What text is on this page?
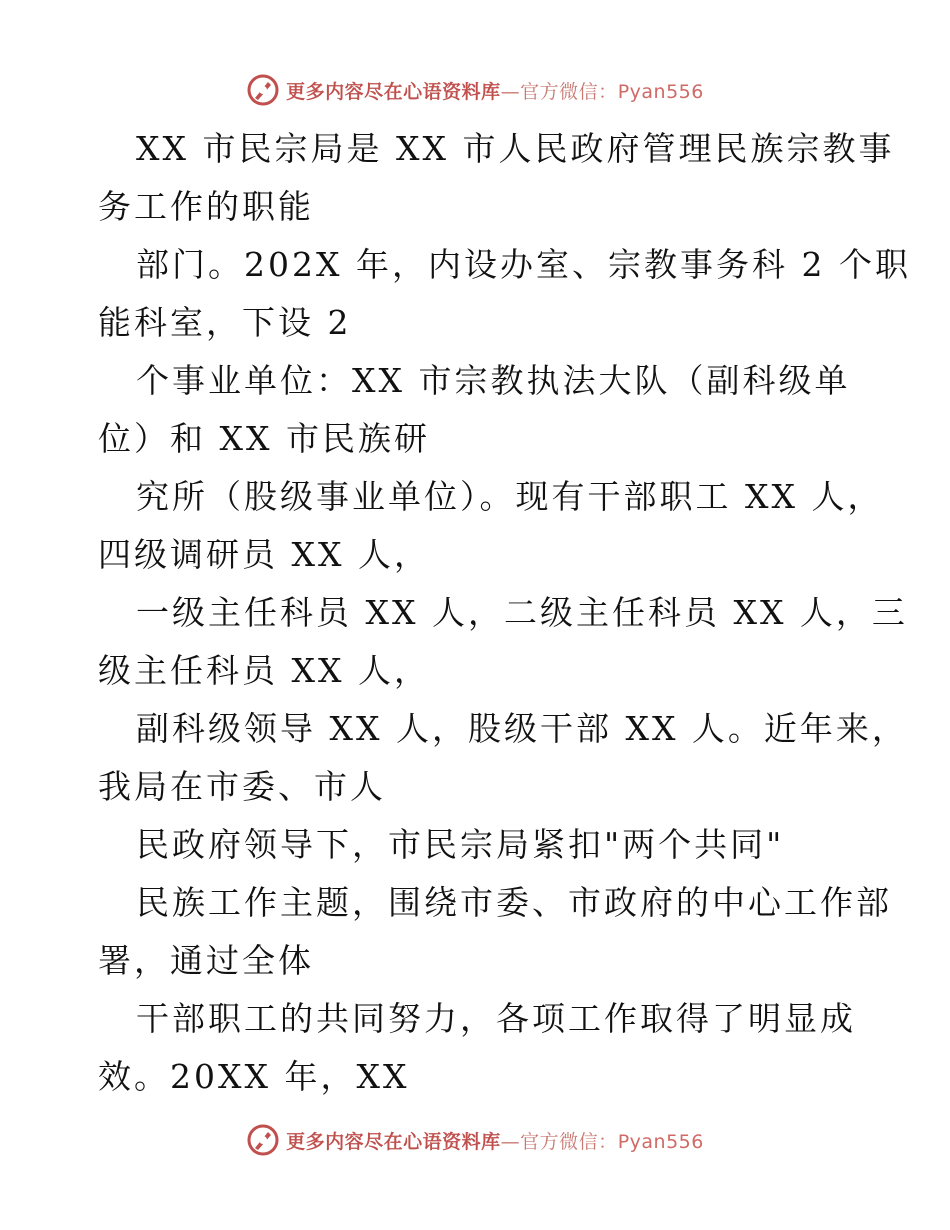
更多内容尽在心语资料库—官方微信：Pyan556
XX 市民宗局是 XX 市人民政府管理民族宗教事
务工作的职能
部门。202X 年，内设办室、宗教事务科 2 个职
能科室，下设 2
个事业单位：XX 市宗教执法大队（副科级单
位）和 XX 市民族研
究所（股级事业单位）。现有干部职工 XX 人，
四级调研员 XX 人，
一级主任科员 XX 人，二级主任科员 XX 人，三
级主任科员 XX 人，
副科级领导 XX 人，股级干部 XX 人。近年来，
我局在市委、市人
民政府领导下，市民宗局紧扣"两个共同"
民族工作主题，围绕市委、市政府的中心工作部
署，通过全体
干部职工的共同努力，各项工作取得了明显成
效。20XX 年，XX
更多内容尽在心语资料库—官方微信：Pyan556
